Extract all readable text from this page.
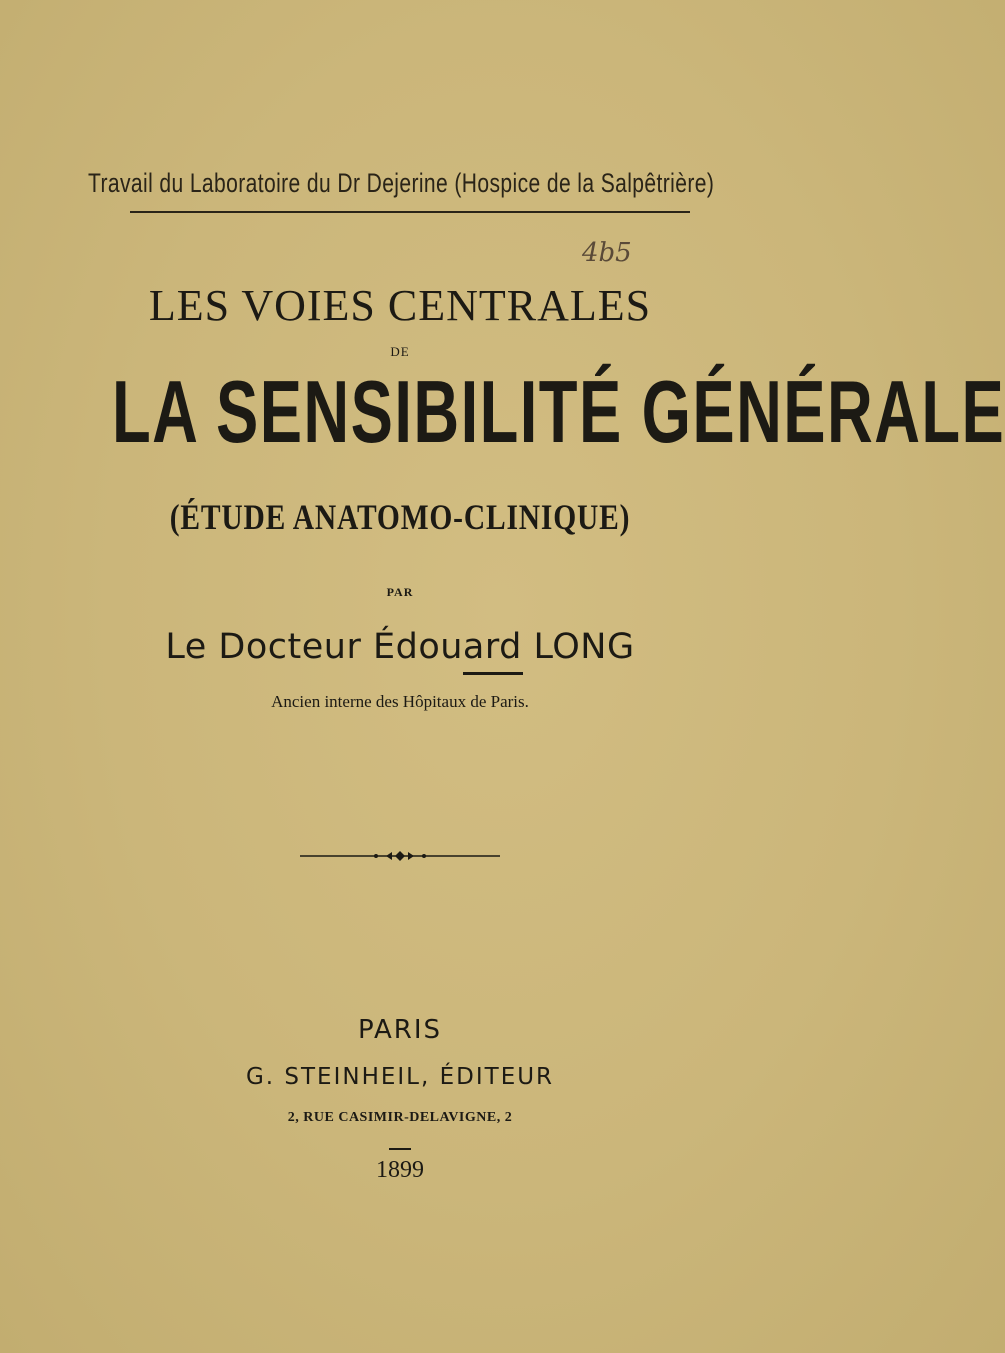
Travail du Laboratoire du Dr Dejerine (Hospice de la Salpêtrière)
4b5
LES VOIES CENTRALES
DE
LA SENSIBILITÉ GÉNÉRALE
(ÉTUDE ANATOMO-CLINIQUE)
PAR
Le Docteur Édouard LONG
Ancien interne des Hôpitaux de Paris.
PARIS
G. STEINHEIL, ÉDITEUR
2, RUE CASIMIR-DELAVIGNE, 2
1899
